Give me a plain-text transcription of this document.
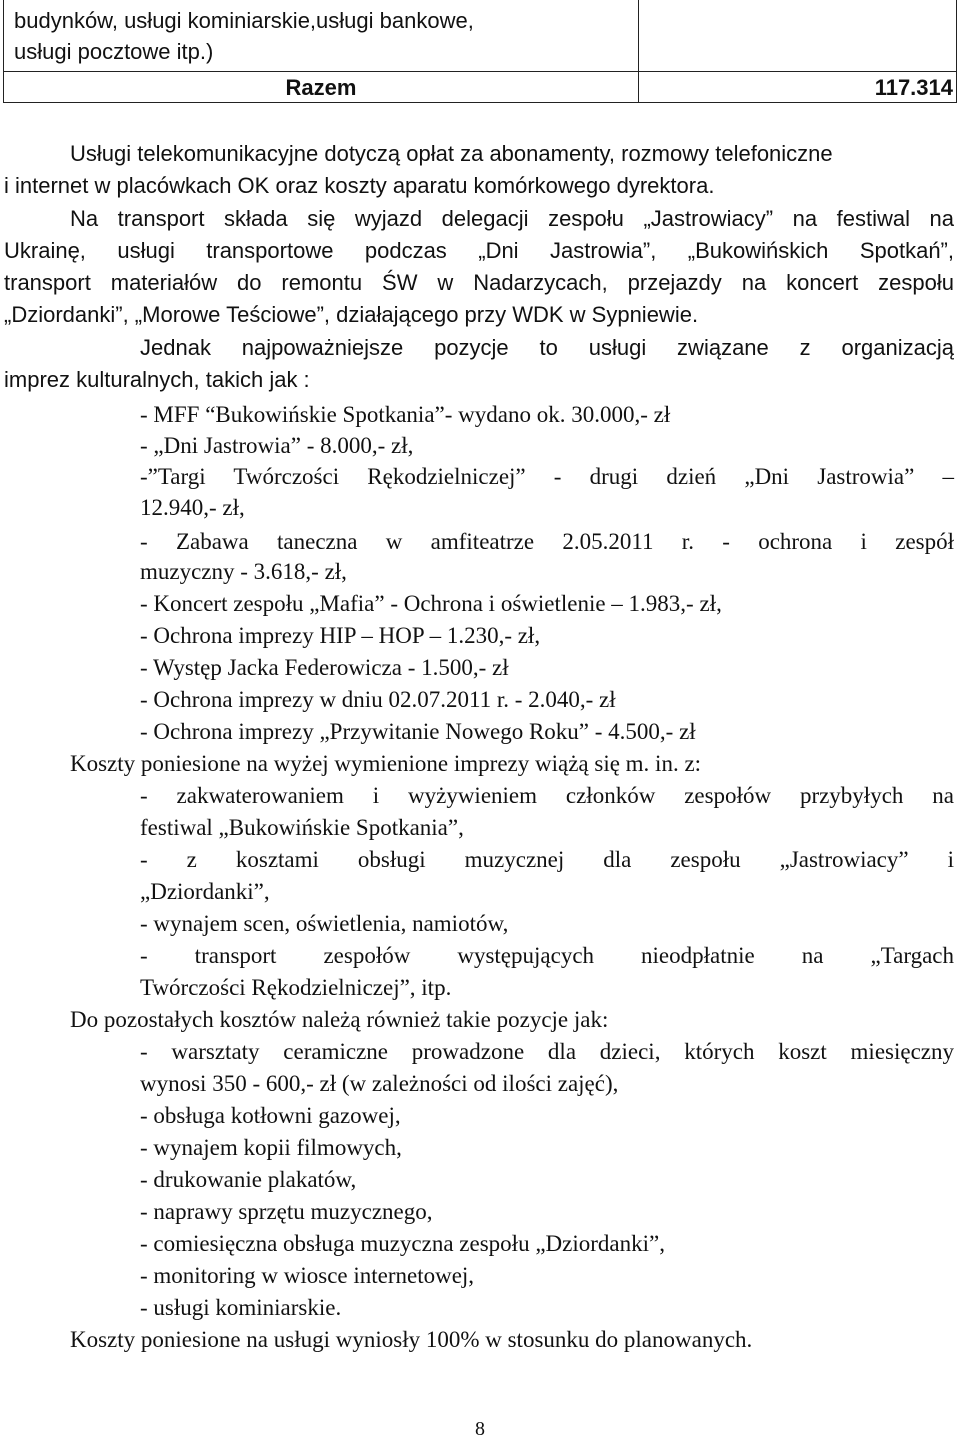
budynków, usługi kominiarskie,usługi bankowe,
usługi pocztowe itp.)
Razem	117.314
Usługi telekomunikacyjne dotyczą opłat za abonamenty, rozmowy telefoniczne
i internet w placówkach OK oraz koszty aparatu komórkowego dyrektora.
Na transport składa się wyjazd delegacji zespołu „Jastrowiacy” na festiwal na
Ukrainę, usługi transportowe podczas „Dni Jastrowia”, „Bukowińskich Spotkań”,
transport materiałów do remontu ŚW w Nadarzycach, przejazdy na koncert zespołu
„Dziordanki”, „Morowe Teściowe”, działającego przy WDK w Sypniewie.
Jednak najpoważniejsze pozycje to usługi związane z organizacją
imprez kulturalnych, takich jak :
- MFF “Bukowińskie Spotkania”- wydano ok. 30.000,- zł
- „Dni Jastrowia” - 8.000,- zł,
-”Targi Twórczości Rękodzielniczej” - drugi dzień „Dni Jastrowia” –
12.940,- zł,
- Zabawa taneczna w amfiteatrze 2.05.2011 r. - ochrona i zespół
muzyczny - 3.618,- zł,
- Koncert zespołu „Mafia” - Ochrona i oświetlenie – 1.983,- zł,
- Ochrona imprezy HIP – HOP – 1.230,- zł,
- Występ Jacka Federowicza - 1.500,- zł
- Ochrona imprezy w dniu 02.07.2011 r. - 2.040,- zł
- Ochrona imprezy „Przywitanie Nowego Roku” - 4.500,- zł
Koszty poniesione na wyżej wymienione imprezy wiążą się m. in. z:
- zakwaterowaniem i wyżywieniem członków zespołów przybyłych na
festiwal „Bukowińskie Spotkania”,
- z kosztami obsługi muzycznej dla zespołu „Jastrowiacy” i
„Dziordanki”,
- wynajem scen, oświetlenia, namiotów,
- transport zespołów występujących nieodpłatnie na „Targach
Twórczości Rękodzielniczej”, itp.
Do pozostałych kosztów należą również takie pozycje jak:
- warsztaty ceramiczne prowadzone dla dzieci, których koszt miesięczny
wynosi 350 - 600,- zł (w zależności od ilości zajęć),
- obsługa kotłowni gazowej,
- wynajem kopii filmowych,
- drukowanie plakatów,
- naprawy sprzętu muzycznego,
- comiesięczna obsługa muzyczna zespołu „Dziordanki”,
- monitoring w wiosce internetowej,
- usługi kominiarskie.
Koszty poniesione na usługi wyniosły 100% w stosunku do planowanych.
8
